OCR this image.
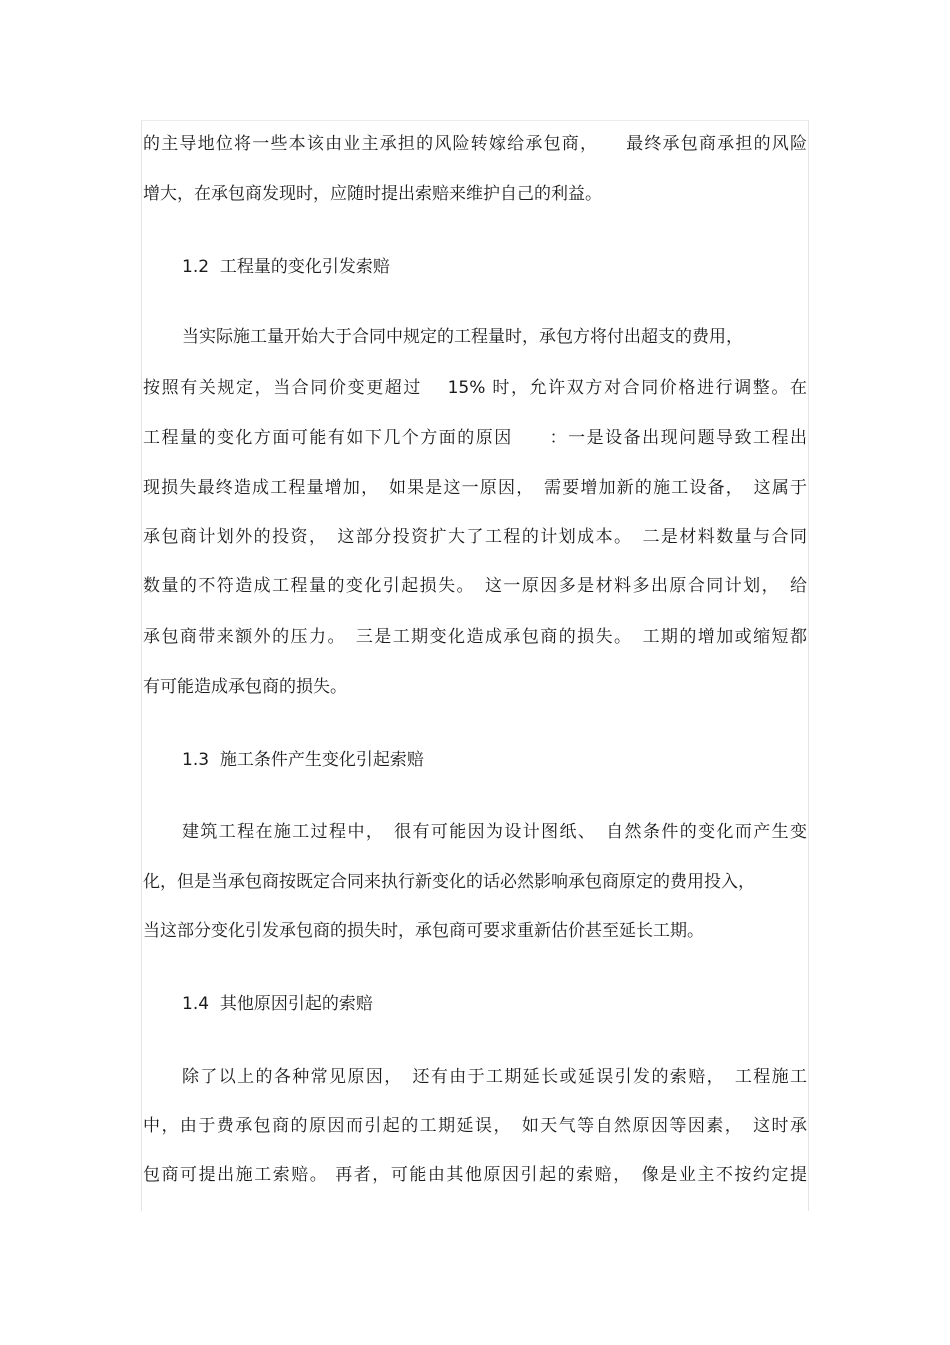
的主导地位将一些本该由业主承担的风险转嫁给承包商，　　最终承包商承担的风险
增大，在承包商发现时，应随时提出索赔来维护自己的利益。
1.2  工程量的变化引发索赔
当实际施工量开始大于合同中规定的工程量时，承包方将付出超支的费用，
按照有关规定，当合同价变更超过　 15% 时，允许双方对合同价格进行调整。在
工程量的变化方面可能有如下几个方面的原因　　：一是设备出现问题导致工程出
现损失最终造成工程量增加，　如果是这一原因，　需要增加新的施工设备，　这属于
承包商计划外的投资，　这部分投资扩大了工程的计划成本。　二是材料数量与合同
数量的不符造成工程量的变化引起损失。　这一原因多是材料多出原合同计划，　给
承包商带来额外的压力。　三是工期变化造成承包商的损失。　工期的增加或缩短都
有可能造成承包商的损失。
1.3  施工条件产生变化引起索赔
建筑工程在施工过程中，　很有可能因为设计图纸、　自然条件的变化而产生变
化，但是当承包商按既定合同来执行新变化的话必然影响承包商原定的费用投入，
当这部分变化引发承包商的损失时，承包商可要求重新估价甚至延长工期。
1.4  其他原因引起的索赔
除了以上的各种常见原因，　还有由于工期延长或延误引发的索赔，　工程施工
中，由于费承包商的原因而引起的工期延误，　如天气等自然原因等因素，　这时承
包商可提出施工索赔。 再者，可能由其他原因引起的索赔，　像是业主不按约定提
